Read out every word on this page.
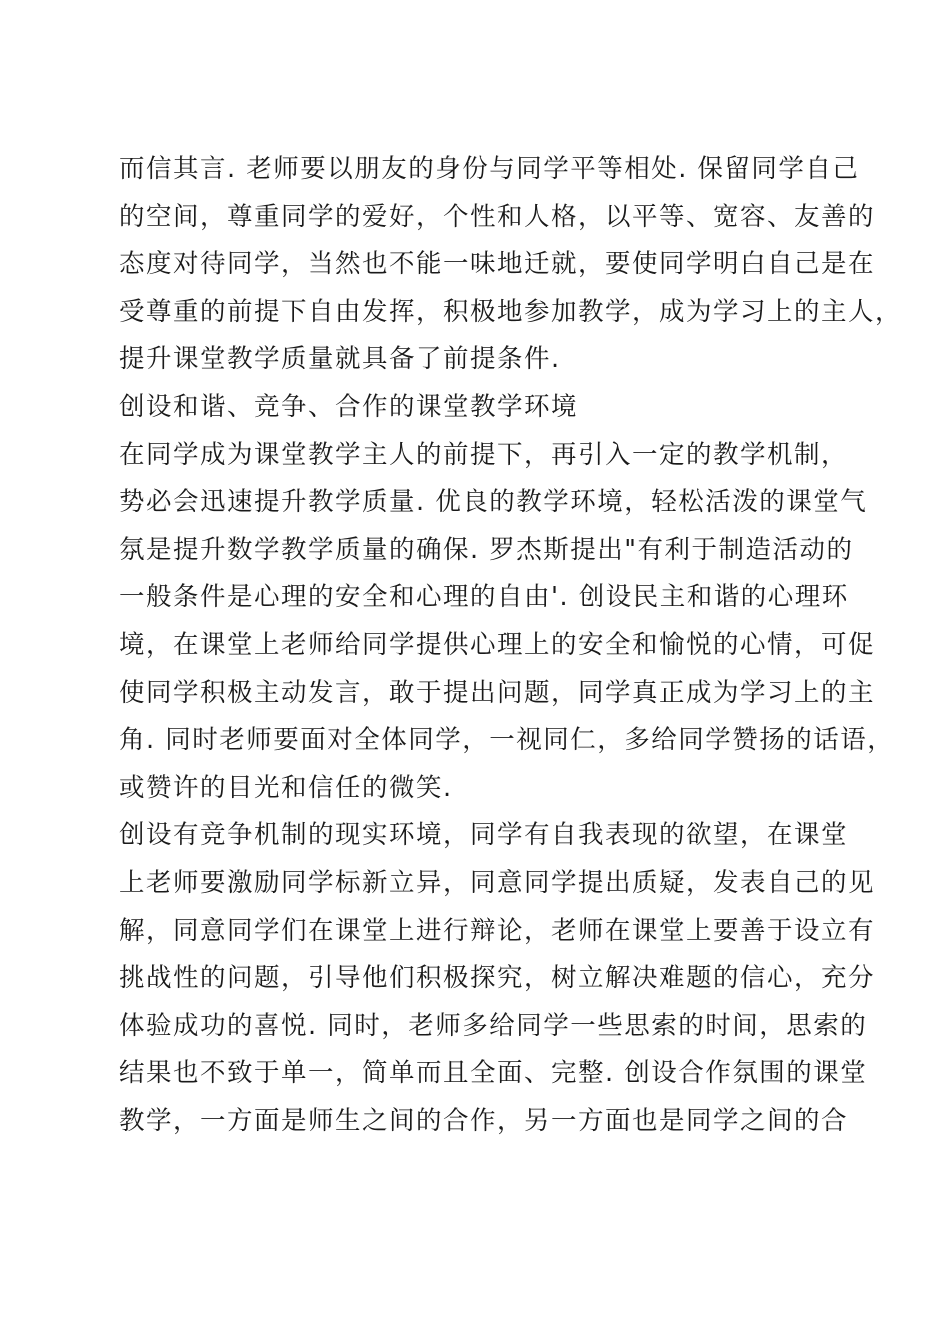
而信其言. 老师要以朋友的身份与同学平等相处. 保留同学自己
的空间，尊重同学的爱好，个性和人格，以平等、宽容、友善的
态度对待同学，当然也不能一味地迁就，要使同学明白自己是在
受尊重的前提下自由发挥，积极地参加教学，成为学习上的主人，
提升课堂教学质量就具备了前提条件.
创设和谐、竞争、合作的课堂教学环境
在同学成为课堂教学主人的前提下，再引入一定的教学机制，
势必会迅速提升教学质量. 优良的教学环境，轻松活泼的课堂气
氛是提升数学教学质量的确保. 罗杰斯提出"有利于制造活动的
一般条件是心理的安全和心理的自由'. 创设民主和谐的心理环
境，在课堂上老师给同学提供心理上的安全和愉悦的心情，可促
使同学积极主动发言，敢于提出问题，同学真正成为学习上的主
角. 同时老师要面对全体同学，一视同仁，多给同学赞扬的话语，
或赞许的目光和信任的微笑.
创设有竞争机制的现实环境，同学有自我表现的欲望，在课堂
上老师要激励同学标新立异，同意同学提出质疑，发表自己的见
解，同意同学们在课堂上进行辩论，老师在课堂上要善于设立有
挑战性的问题，引导他们积极探究，树立解决难题的信心，充分
体验成功的喜悦. 同时，老师多给同学一些思索的时间，思索的
结果也不致于单一，简单而且全面、完整. 创设合作氛围的课堂
教学，一方面是师生之间的合作，另一方面也是同学之间的合
